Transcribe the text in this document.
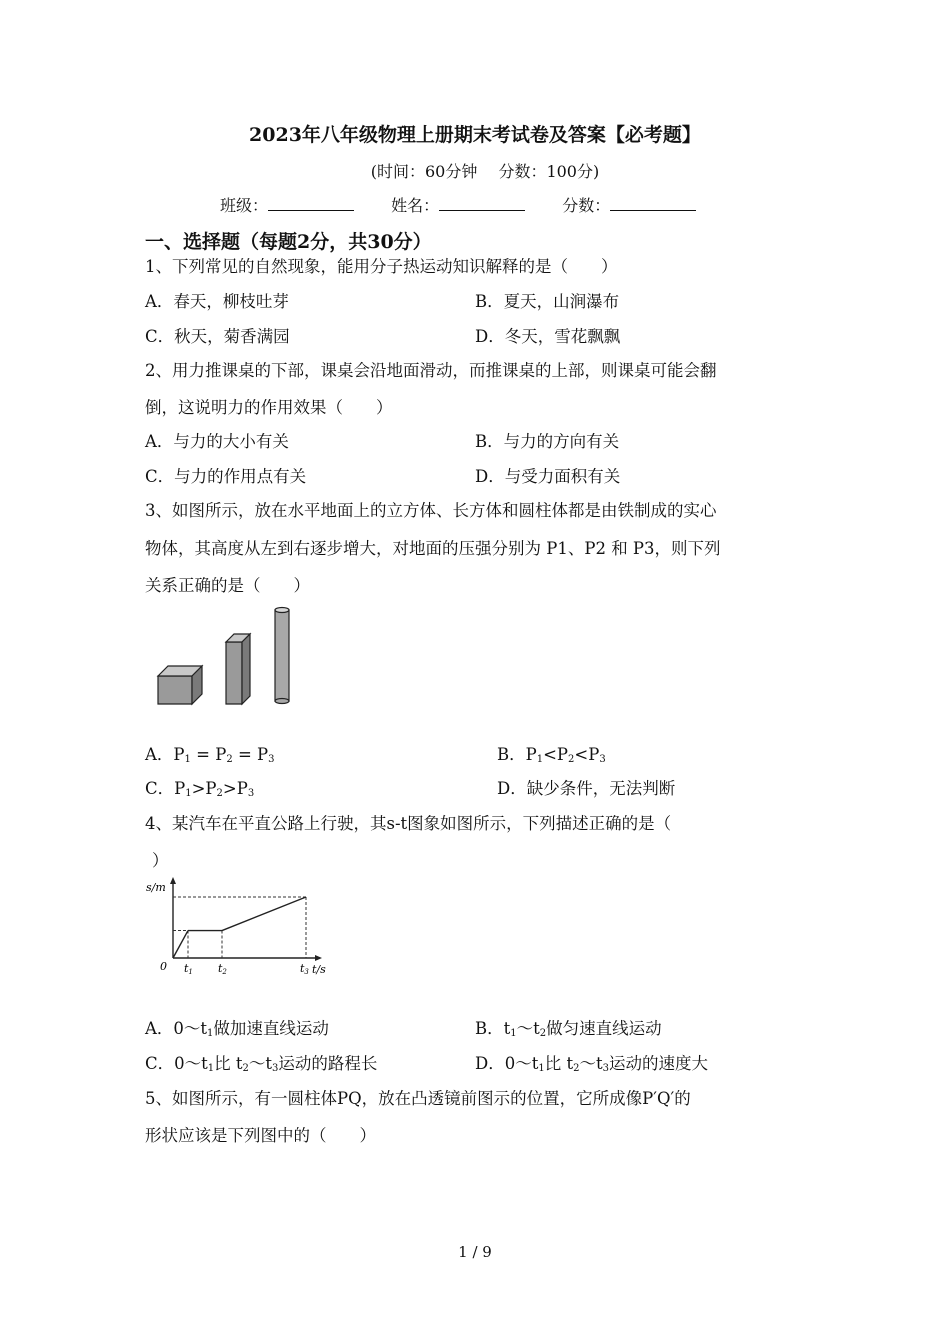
2023年八年级物理上册期末考试卷及答案【必考题】
(时间：60分钟　 分数：100分)
班级：	姓名：	分数：
一、选择题（每题2分，共30分）
1、下列常见的自然现象，能用分子热运动知识解释的是（　　）
A．春天，柳枝吐芽	B．夏天，山涧瀑布
C．秋天，菊香满园	D．冬天，雪花飘飘
2、用力推课桌的下部，课桌会沿地面滑动，而推课桌的上部，则课桌可能会翻
倒，这说明力的作用效果（　　）
A．与力的大小有关	B．与力的方向有关
C．与力的作用点有关	D．与受力面积有关
3、如图所示，放在水平地面上的立方体、长方体和圆柱体都是由铁制成的实心
物体，其高度从左到右逐步增大，对地面的压强分别为 P1、P2 和 P3，则下列
关系正确的是（　　）
A．$P_1 = P_2 = P_3$	B．$P_1<P_2<P_3$
C．$P_1>P_2>P_3$	D．缺少条件，无法判断
4、某汽车在平直公路上行驶，其s-t图象如图所示，下列描述正确的是（
）
s/m
t/s
0 t1 t2	t3
A．$0\sim t_1$做加速直线运动	B．$t_1\sim t_2$做匀速直线运动
C．$0\sim t_1$比 $t_2\sim t_3$运动的路程长	D．$0\sim t_1$比 $t_2\sim t_3$运动的速度大
5、如图所示，有一圆柱体PQ，放在凸透镜前图示的位置，它所成像P′Q′的
形状应该是下列图中的（　　）
1 / 9
